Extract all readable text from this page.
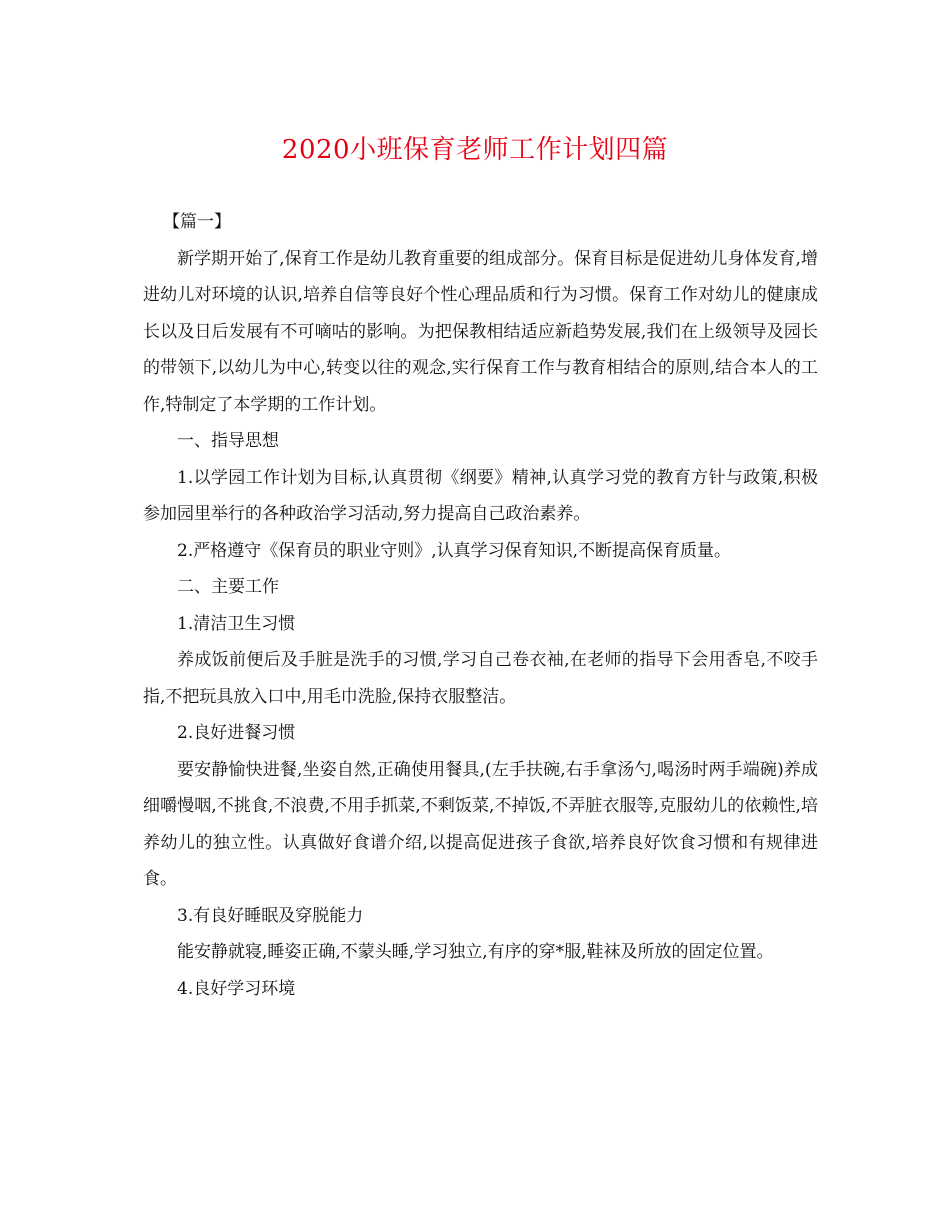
2020小班保育老师工作计划四篇

【篇一】

新学期开始了,保育工作是幼儿教育重要的组成部分。保育目标是促进幼儿身体发育,增进幼儿对环境的认识,培养自信等良好个性心理品质和行为习惯。保育工作对幼儿的健康成长以及日后发展有不可嘀咕的影响。为把保教相结适应新趋势发展,我们在上级领导及园长的带领下,以幼儿为中心,转变以往的观念,实行保育工作与教育相结合的原则,结合本人的工作,特制定了本学期的工作计划。

一、指导思想

1.以学园工作计划为目标,认真贯彻《纲要》精神,认真学习党的教育方针与政策,积极参加园里举行的各种政治学习活动,努力提高自己政治素养。

2.严格遵守《保育员的职业守则》,认真学习保育知识,不断提高保育质量。

二、主要工作

1.清洁卫生习惯

养成饭前便后及手脏是洗手的习惯,学习自己卷衣袖,在老师的指导下会用香皂,不咬手指,不把玩具放入口中,用毛巾洗脸,保持衣服整洁。

2.良好进餐习惯

要安静愉快进餐,坐姿自然,正确使用餐具,(左手扶碗,右手拿汤勺,喝汤时两手端碗)养成细嚼慢咽,不挑食,不浪费,不用手抓菜,不剩饭菜,不掉饭,不弄脏衣服等,克服幼儿的依赖性,培养幼儿的独立性。认真做好食谱介绍,以提高促进孩子食欲,培养良好饮食习惯和有规律进食。

3.有良好睡眠及穿脱能力

能安静就寝,睡姿正确,不蒙头睡,学习独立,有序的穿*服,鞋袜及所放的固定位置。

4.良好学习环境
